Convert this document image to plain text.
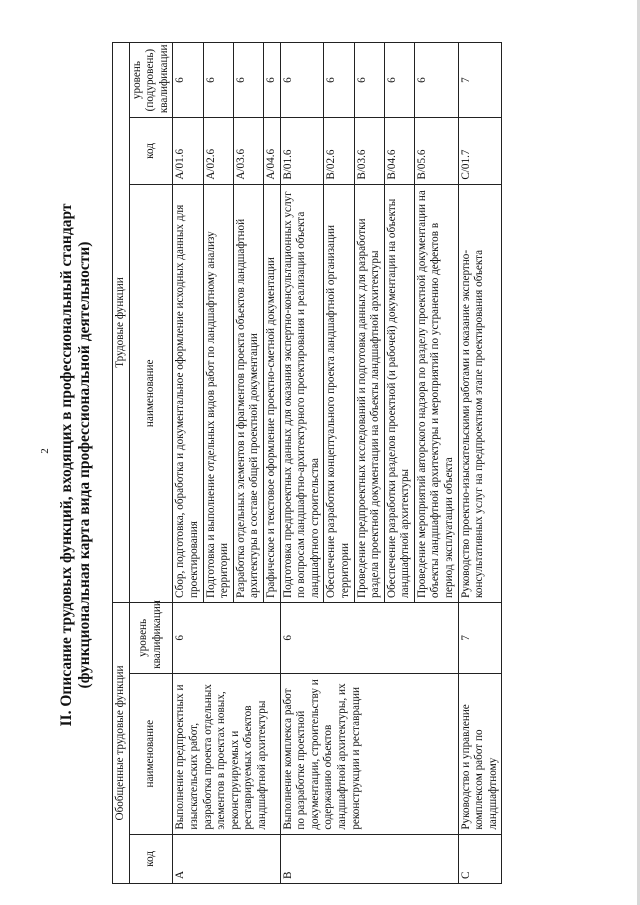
2 II. Описание трудовых функций, входящих в профессиональный стандарт (функциональная карта вида профессиональной деятельности)
Обобщенные трудовые функции			Трудовые функции		
код	наименование	уровень квалификации	наименование	код	уровень (подуровень) квалификации
A	Выполнение предпроектных и изыскательских работ, разработка проекта отдельных элементов в проектах новых, реконструируемых и реставрируемых объектов ландшафтной архитектуры	6	Сбор, подготовка, обработка и документальное оформление исходных данных для проектирования	A/01.6	6
			Подготовка и выполнение отдельных видов работ по ландшафтному анализу территории	A/02.6	6
			Разработка отдельных элементов и фрагментов проекта объектов ландшафтной архитектуры в составе общей проектной документации	A/03.6	6
			Графическое и текстовое оформление проектно-сметной документации	A/04.6	6
B	Выполнение комплекса работ по разработке проектной документации, строительству и содержанию объектов ландшафтной архитектуры, их реконструкции и реставрации	6	Подготовка предпроектных данных для оказания экспертно-консультационных услуг по вопросам ландшафтно-архитектурного проектирования и реализации объекта ландшафтного строительства	B/01.6	6
			Обеспечение разработки концептуального проекта ландшафтной организации территории	B/02.6	6
			Проведение предпроектных исследований и подготовка данных для разработки раздела проектной документации на объекты ландшафтной архитектуры	B/03.6	6
			Обеспечение разработки разделов проектной (и рабочей) документации на объекты ландшафтной архитектуры	B/04.6	6
			Проведение мероприятий авторского надзора по разделу проектной документации на объекты ландшафтной архитектуры и мероприятий по устранению дефектов в период эксплуатации объекта	B/05.6	6
C	Руководство и управление комплексом работ по ландшафтному	7	Руководство проектно-изыскательскими работами и оказание экспертно-консультативных услуг на предпроектном этапе проектирования объекта	C/01.7	7
